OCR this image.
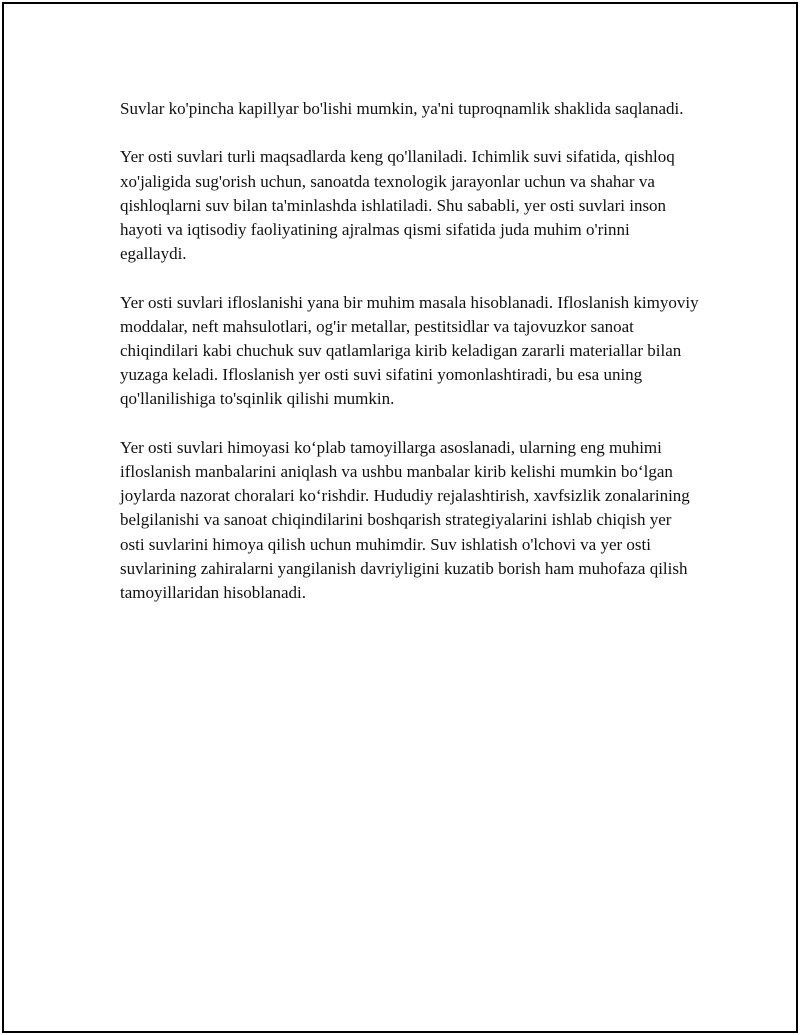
Suvlar ko'pincha kapillyar bo'lishi mumkin, ya'ni tuproqnamlik shaklida saqlanadi.

Yer osti suvlari turli maqsadlarda keng qo'llaniladi. Ichimlik suvi sifatida, qishloq xo'jaligida sug'orish uchun, sanoatda texnologik jarayonlar uchun va shahar va qishloqlarni suv bilan ta'minlashda ishlatiladi. Shu sababli, yer osti suvlari inson hayoti va iqtisodiy faoliyatining ajralmas qismi sifatida juda muhim o'rinni egallaydi.

Yer osti suvlari ifloslanishi yana bir muhim masala hisoblanadi. Ifloslanish kimyoviy moddalar, neft mahsulotlari, og'ir metallar, pestitsidlar va tajovuzkor sanoat chiqindilari kabi chuchuk suv qatlamlariga kirib keladigan zararli materiallar bilan yuzaga keladi. Ifloslanish yer osti suvi sifatini yomonlashtiradi, bu esa uning qo'llanilishiga to'sqinlik qilishi mumkin.

Yer osti suvlari himoyasi ko‘plab tamoyillarga asoslanadi, ularning eng muhimi ifloslanish manbalarini aniqlash va ushbu manbalar kirib kelishi mumkin bo‘lgan joylarda nazorat choralari ko‘rishdir. Hududiy rejalashtirish, xavfsizlik zonalarining belgilanishi va sanoat chiqindilarini boshqarish strategiyalarini ishlab chiqish yer osti suvlarini himoya qilish uchun muhimdir. Suv ishlatish o'lchovi va yer osti suvlarining zahiralarni yangilanish davriyligini kuzatib borish ham muhofaza qilish tamoyillaridan hisoblanadi.
